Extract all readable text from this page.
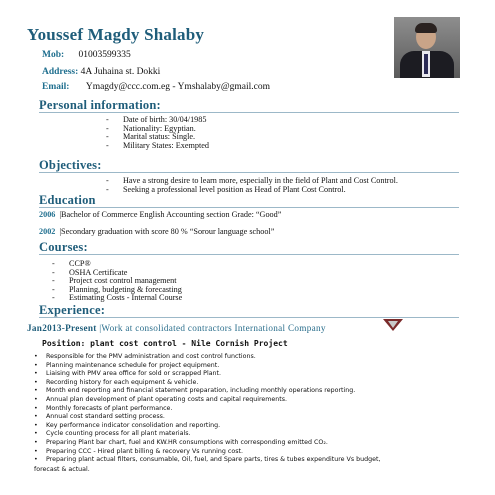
Youssef Magdy Shalaby
Mob: 01003599335
Address: 4A Juhaina st. Dokki
Email: Ymagdy@ccc.com.eg - Ymshalaby@gmail.com
Personal information:
- Date of birth: 30/04/1985
- Nationality: Egyptian.
- Marital status: Single.
- Military States: Exempted
Objectives:
- Have a strong desire to learn more, especially in the field of Plant and Cost Control.
- Seeking a professional level position as Head of Plant Cost Control.
Education
2006 |Bachelor of Commerce English Accounting section Grade: “Good”
2002 |Secondary graduation with score 80 % “Sorour language school”
Courses:
- CCP®
- OSHA Certificate
- Project cost control management
- Planning, budgeting & forecasting
- Estimating Costs - Internal Course
Experience:
Jan2013-Present |Work at consolidated contractors International Company
Position: plant cost control - Nile Cornish Project
• Responsible for the PMV administration and cost control functions.
• Planning maintenance schedule for project equipment.
• Liaising with PMV area office for sold or scrapped Plant.
• Recording history for each equipment & vehicle.
• Month end reporting and financial statement preparation, including monthly operations reporting.
• Annual plan development of plant operating costs and capital requirements.
• Monthly forecasts of plant performance.
• Annual cost standard setting process.
• Key performance indicator consolidation and reporting.
• Cycle counting process for all plant materials.
• Preparing Plant bar chart, fuel and KW.HR consumptions with corresponding emitted CO₂.
• Preparing CCC - Hired plant billing & recovery Vs running cost.
• Preparing plant actual filters, consumable, Oil, fuel, and Spare parts, tires & tubes expenditure Vs budget,
forecast & actual.
